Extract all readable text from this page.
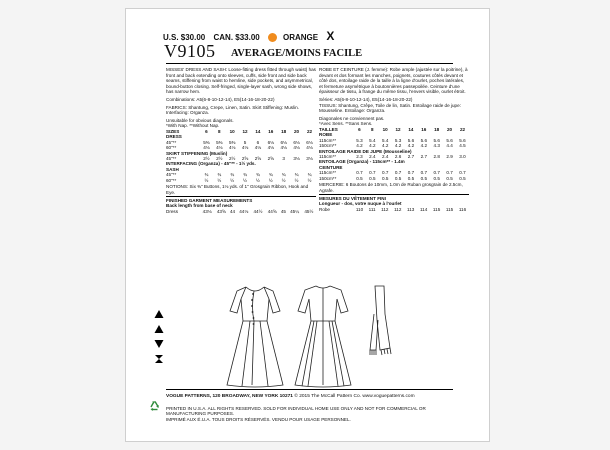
U.S. $30.00 CAN. $33.00	ORANGE X
V9105 AVERAGE/MOINS FACILE

MISSES' DRESS AND SASH: Loose-fitting dress fitted through waist) has front and back extending onto sleeves, cuffs, side front and side back seams, stiffening from waist to hemline, side pockets, and asymmetrical, bound-button closing. Self-fringed, single-layer sash, wrong side shows, has narrow hem.

Combinations: A5(6-8-10-12-14), E5(14-16-18-20-22)

FABRICS: Shantung, Crepe, Linen, Satin. Skirt Stiffening: Muslin. Interfacing: Organza.

Unsuitable for obvious diagonals.

*With Nap. **Without Nap.

SIZES	6	8	10	12	14	16	18	20	22
DRESS									
45"**	5⅜	5⅜	5⅜	5	6	6⅛	6⅛	6⅛	6⅛
60"**	4⅛	4⅛	4⅛	4⅛	4⅛	4⅛	4⅛	4⅛	4⅛
SKIRT STIFFENING (Muslin)									
45"**	2½	2½	2½	2⅝	2⅝	2⅝	3	3⅛	3⅛
INTERFACING (Organza) - 45"** - 1½ yds.									
SASH									
45"**	¾	¾	¾	¾	¾	¾	¾	¾	¾
60"**	½	½	½	½	½	½	½	½	½

NOTIONS: Six ⅜" Buttons, 1⅛ yds. of 1" Grosgrain Ribbon, Hook and Eye.

FINISHED GARMENT MEASUREMENTS

Back length from base of neck

Dress	43⅛	43⅝	44	44⅛	44½	44⅝	45	45¼	45½

ROBE ET CEINTURE (J. femme): Robe ample (ajustée sur la poitrine), à devant et dos formant les manches, poignets, coutures côtés devant et côté dos, entoilage raide de la taille à la ligne d'ourlet, poches latérales, et fermeture asymétrique à boutonnières passepoilée. Ceinture d'une épaisseur de tissu, à frange du même tissu, l'envers visible, ourlet étroit.

Séries: A5(6-8-10-12-14), E5(14-16-18-20-22)

TISSUS: Shantung, Crêpe, Toile de lin, Satin. Entoilage raide de jupe: Mousseline. Entoilage: Organza.

Diagonales ne conviennent pas.

*Avec Sens. **Sans Sens.

TAILLES	6	8	10	12	14	16	18	20	22
ROBE									
115cm**	5.3	5.4	5.4	5.3	5.6	5.6	5.6	5.6	5.6
150cm**	4.2	4.2	4.2	4.2	4.2	4.2	4.3	4.4	4.5
ENTOILAGE RAIDE DE JUPE (Mousseline)									
115cm**	2.3	2.4	2.4	2.6	2.7	2.7	2.8	2.9	3.0
ENTOILAGE (Organza) - 115cm** - 1.4m									
CEINTURE									
115cm**	0.7	0.7	0.7	0.7	0.7	0.7	0.7	0.7	0.7
150cm**	0.5	0.5	0.5	0.5	0.5	0.5	0.5	0.5	0.5

MERCERIE: 6 Boutons de 10mm, 1.0m de Ruban grosgrain de 2.5cm, Agrafe.

MESURES DU VÊTEMENT FINI

Longueur - dos, votre nuque à l'ourlet

Robe	110	111	112	112	113	114	115	115	116
VOGUE PATTERNS, 120 BROADWAY, NEW YORK 10271 © 2015 The McCall Pattern Co. www.voguepatterns.com
PRINTED IN U.S.A. ALL RIGHTS RESERVED. SOLD FOR INDIVIDUAL HOME USE ONLY AND NOT FOR COMMERCIAL OR MANUFACTURING PURPOSES.
IMPRIMÉ AUX É.U.A. TOUS DROITS RÉSERVÉS. VENDU POUR USAGE PERSONNEL.
